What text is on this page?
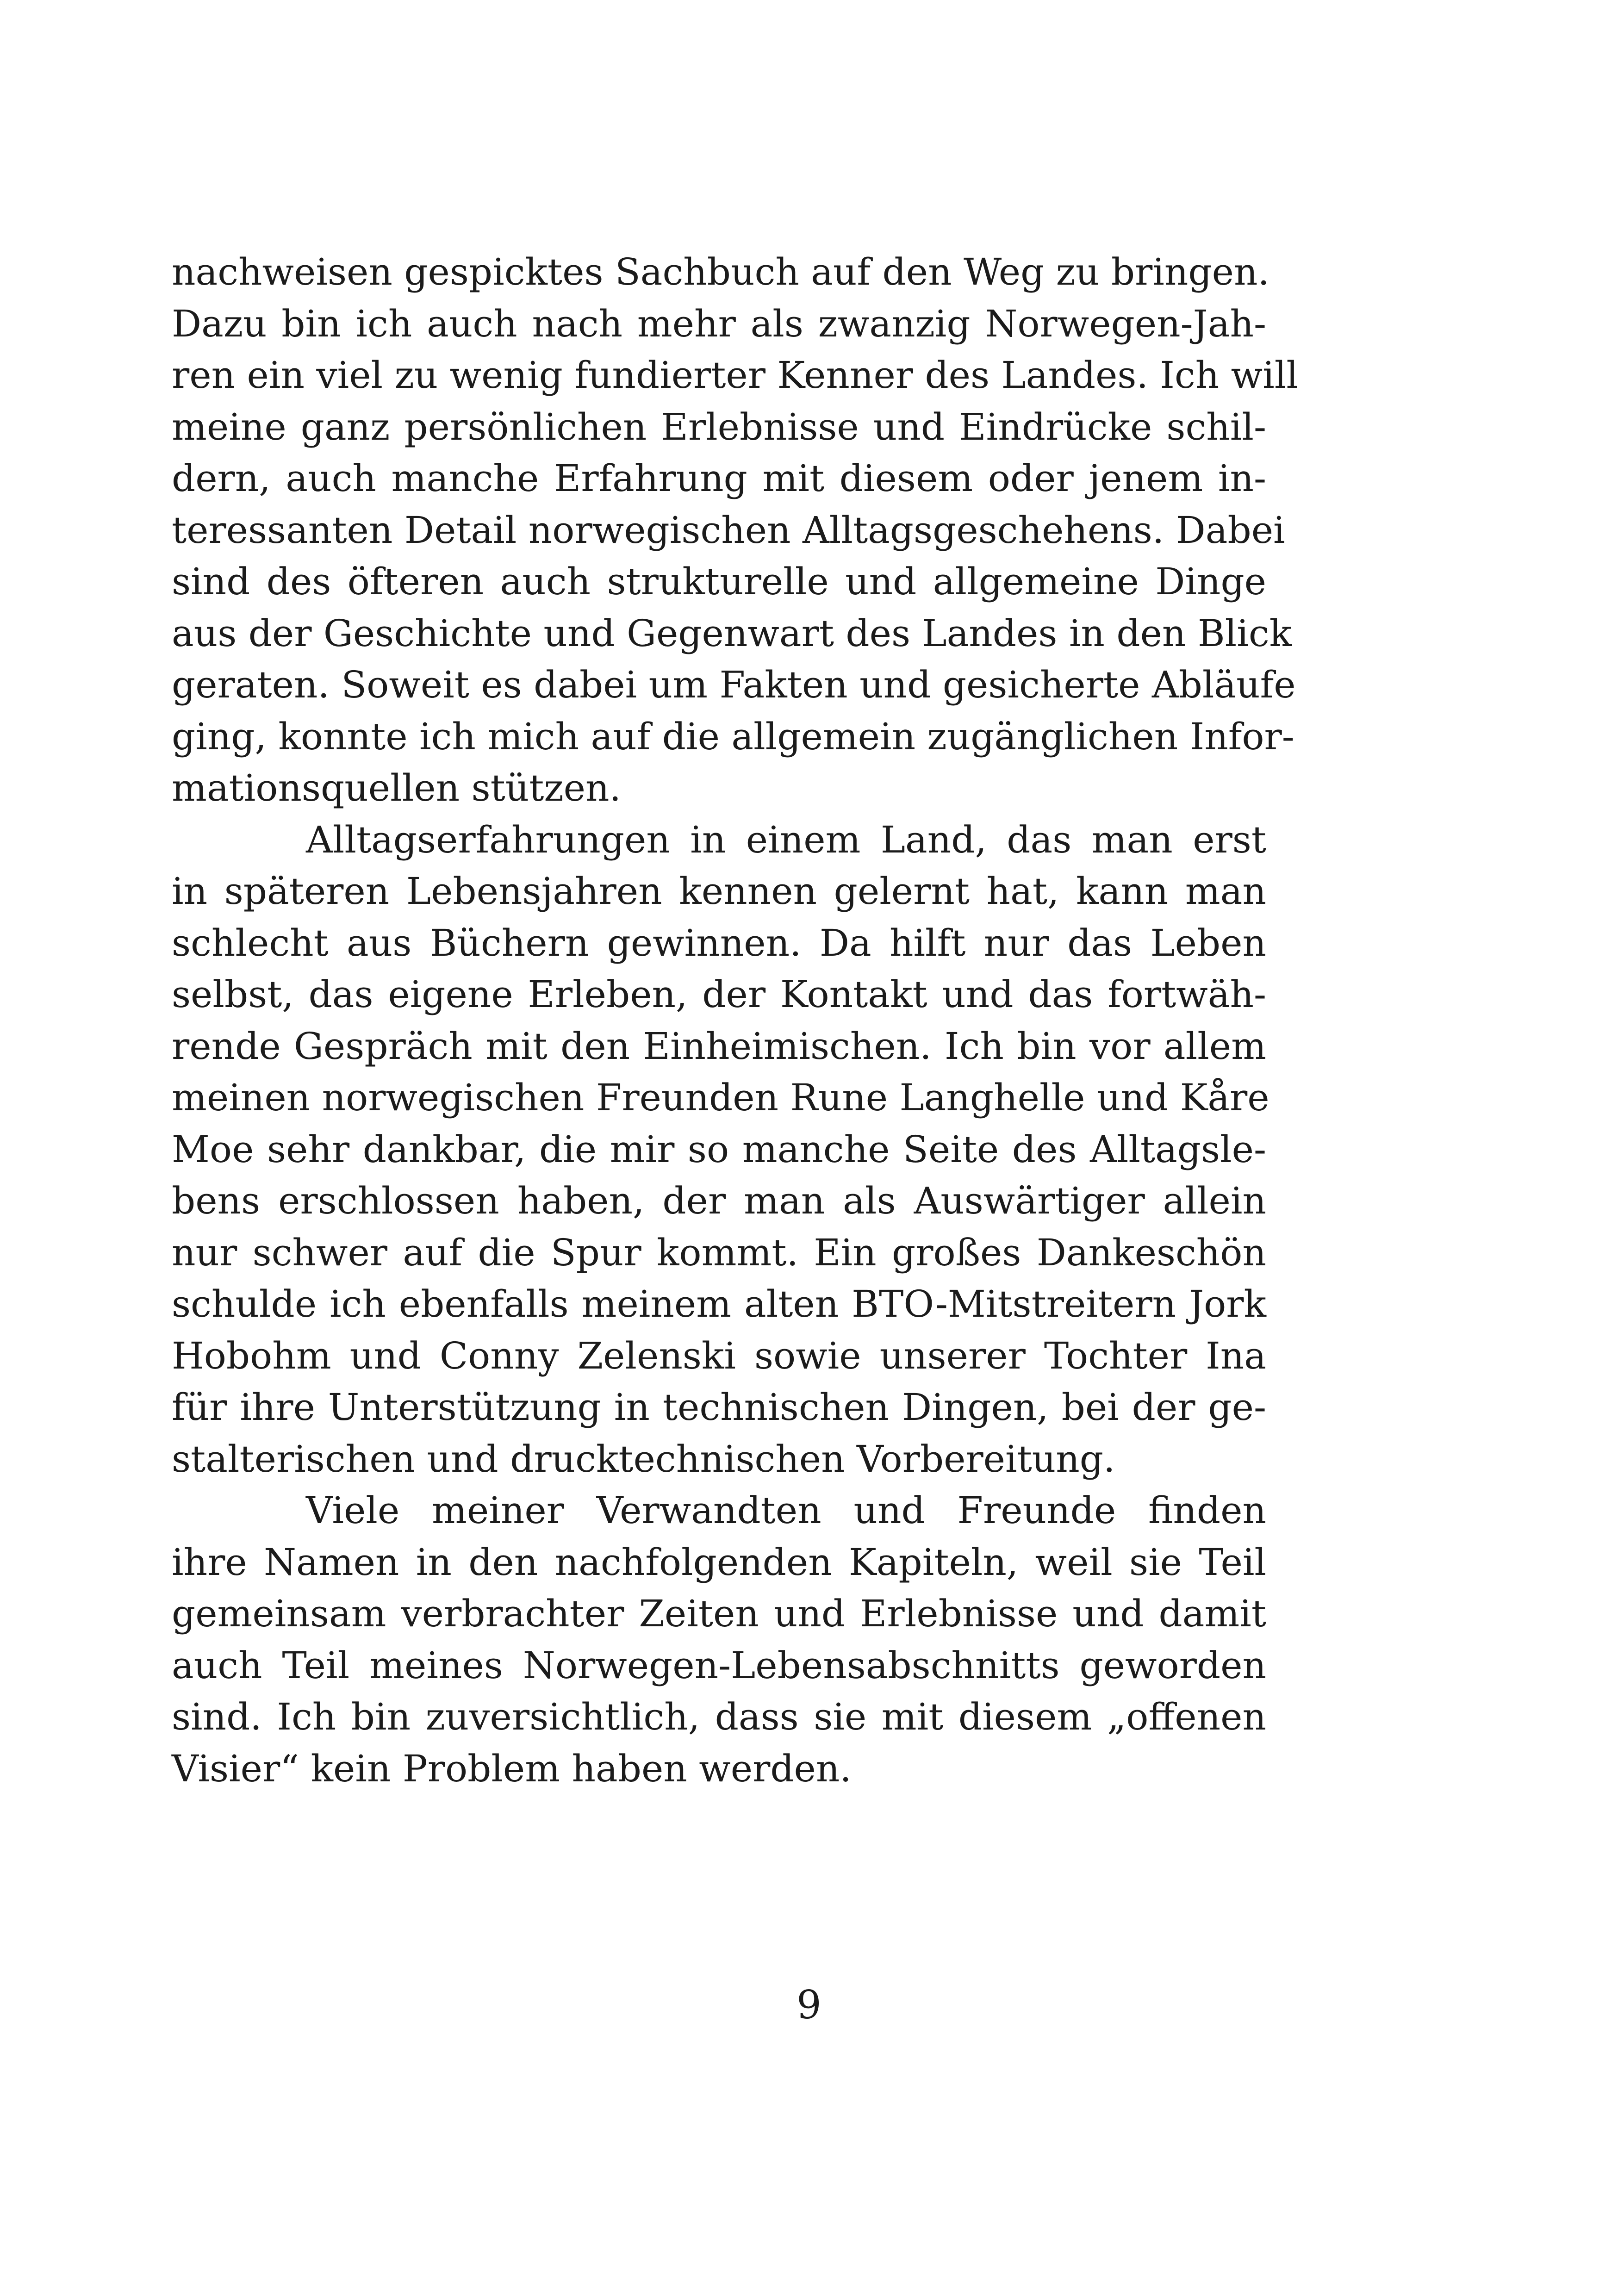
nachweisen gespicktes Sachbuch auf den Weg zu bringen.
Dazu bin ich auch nach mehr als zwanzig Norwegen-Jah-
ren ein viel zu wenig fundierter Kenner des Landes. Ich will
meine ganz persönlichen Erlebnisse und Eindrücke schil-
dern, auch manche Erfahrung mit diesem oder jenem in-
teressanten Detail norwegischen Alltagsgeschehens. Dabei
sind des öfteren auch strukturelle und allgemeine Dinge
aus der Geschichte und Gegenwart des Landes in den Blick
geraten. Soweit es dabei um Fakten und gesicherte Abläufe
ging, konnte ich mich auf die allgemein zugänglichen Infor-
mationsquellen stützen.
Alltagserfahrungen in einem Land, das man erst
in späteren Lebensjahren kennen gelernt hat, kann man
schlecht aus Büchern gewinnen. Da hilft nur das Leben
selbst, das eigene Erleben, der Kontakt und das fortwäh-
rende Gespräch mit den Einheimischen. Ich bin vor allem
meinen norwegischen Freunden Rune Langhelle und Kåre
Moe sehr dankbar, die mir so manche Seite des Alltagsle-
bens erschlossen haben, der man als Auswärtiger allein
nur schwer auf die Spur kommt. Ein großes Dankeschön
schulde ich ebenfalls meinem alten BTO-Mitstreitern Jork
Hobohm und Conny Zelenski sowie unserer Tochter Ina
für ihre Unterstützung in technischen Dingen, bei der ge-
stalterischen und drucktechnischen Vorbereitung.
Viele meiner Verwandten und Freunde finden
ihre Namen in den nachfolgenden Kapiteln, weil sie Teil
gemeinsam verbrachter Zeiten und Erlebnisse und damit
auch Teil meines Norwegen-Lebensabschnitts geworden
sind. Ich bin zuversichtlich, dass sie mit diesem „offenen
Visier“ kein Problem haben werden.
9
